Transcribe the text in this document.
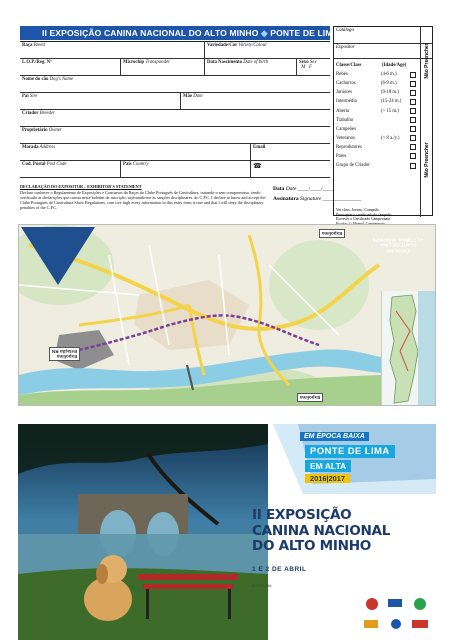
II EXPOSIÇÃO CANINA NACIONAL DO ALTO MINHO ◆ PONTE DE LIMA
Raça Breed	Variedade/Cor Variety/Colour
L.O.P./Reg. Nº	Microchip Transponder	Data Nascimento Date of birth	Sexo Sex
M F
Nome do cão Dog's Name
Pai Sire	Mãe Dam
Criador Breeder
Proprietário Owner
Morada Address	Email
Cod. Postal Post Code	País Country	☎
Catálogo
Expositor
Classe/Class	(Idade/Age)
Bebés	(4-6 m.)
Cachorros	(6-9 m.)
Juniores	(9-18 m.)
Intermédia	(15-24 m.)
Aberta	(> 15 m.)
Trabalho
Campeões
Veteranos	(> 8 a./y.)
Reprodutores
Pares
Grupo de Criador
Não Preencher
Não Preencher
DECLARAÇÃO DO EXPOSITOR – EXHIBITOR'S STATEMENT
Declaro conhecer o Regulamento de Exposições e Concursos da Raças do Clube Português de Canicultura, tratando-o sem compromisso, tendo verificado as declarações que consta neste boletim de inscrição, sujeitando-me às sanções disciplinares. do C.P.C. I declare to know and accept the Clube Português de Canicultura Show Regulations, com tive high every information in this entry form is true and that I will obey the disciplinary penalties of the C.P.C.
Data Date ____/____/____
Assinatura Signature ______________
Ver class: Jovem / Campeão
Fotocopiar o certificado de campeão
Escrever o Certificado Campeonato
Expolima
Estação RN
Expolima
Expolima
EXPOLIMA
PONTE DE LIMA
41.7728594, -8.5878675
EM ÉPOCA BAIXA
PONTE DE LIMA
EM ALTA
2016|2017
II EXPOSIÇÃO
CANINA NACIONAL
DO ALTO MINHO
1 E 2 DE ABRIL
EXPOLIMA
